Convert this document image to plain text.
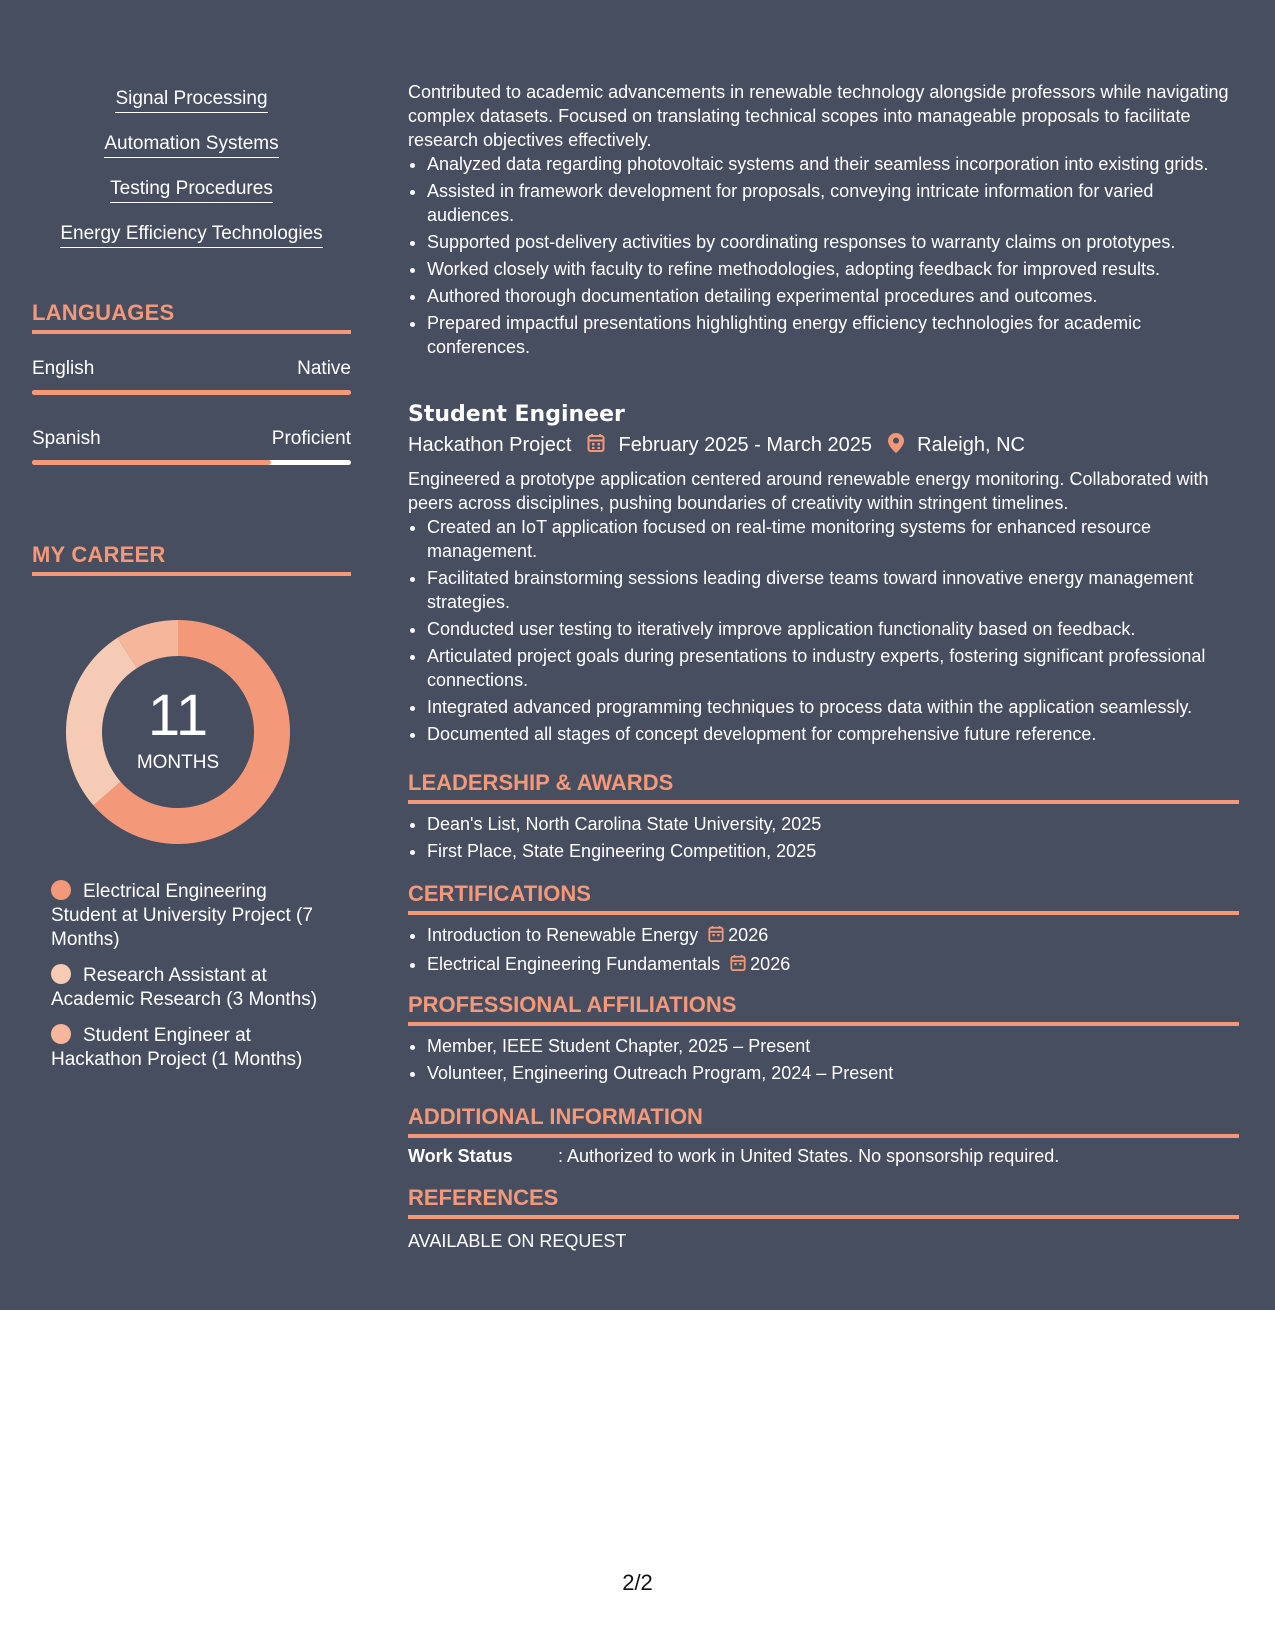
Signal Processing
Automation Systems
Testing Procedures
Energy Efficiency Technologies
LANGUAGES
English	Native
Spanish	Proficient
MY CAREER
11
MONTHS
Electrical Engineering Student at University Project (7 Months)
Research Assistant at Academic Research (3 Months)
Student Engineer at Hackathon Project (1 Months)

Contributed to academic advancements in renewable technology alongside professors while navigating complex datasets. Focused on translating technical scopes into manageable proposals to facilitate research objectives effectively.

• Analyzed data regarding photovoltaic systems and their seamless incorporation into existing grids.
• Assisted in framework development for proposals, conveying intricate information for varied audiences.
• Supported post-delivery activities by coordinating responses to warranty claims on prototypes.
• Worked closely with faculty to refine methodologies, adopting feedback for improved results.
• Authored thorough documentation detailing experimental procedures and outcomes.
• Prepared impactful presentations highlighting energy efficiency technologies for academic conferences.
Student Engineer
Hackathon Project February 2025 - March 2025 Raleigh, NC

Engineered a prototype application centered around renewable energy monitoring. Collaborated with peers across disciplines, pushing boundaries of creativity within stringent timelines.

• Created an IoT application focused on real-time monitoring systems for enhanced resource management.
• Facilitated brainstorming sessions leading diverse teams toward innovative energy management strategies.
• Conducted user testing to iteratively improve application functionality based on feedback.
• Articulated project goals during presentations to industry experts, fostering significant professional connections.
• Integrated advanced programming techniques to process data within the application seamlessly.
• Documented all stages of concept development for comprehensive future reference.
LEADERSHIP & AWARDS
• Dean's List, North Carolina State University, 2025
• First Place, State Engineering Competition, 2025
CERTIFICATIONS
• Introduction to Renewable Energy 2026
• Electrical Engineering Fundamentals 2026
PROFESSIONAL AFFILIATIONS
• Member, IEEE Student Chapter, 2025 – Present
• Volunteer, Engineering Outreach Program, 2024 – Present
ADDITIONAL INFORMATION
Work Status	: Authorized to work in United States. No sponsorship required.
REFERENCES
AVAILABLE ON REQUEST
2/2
